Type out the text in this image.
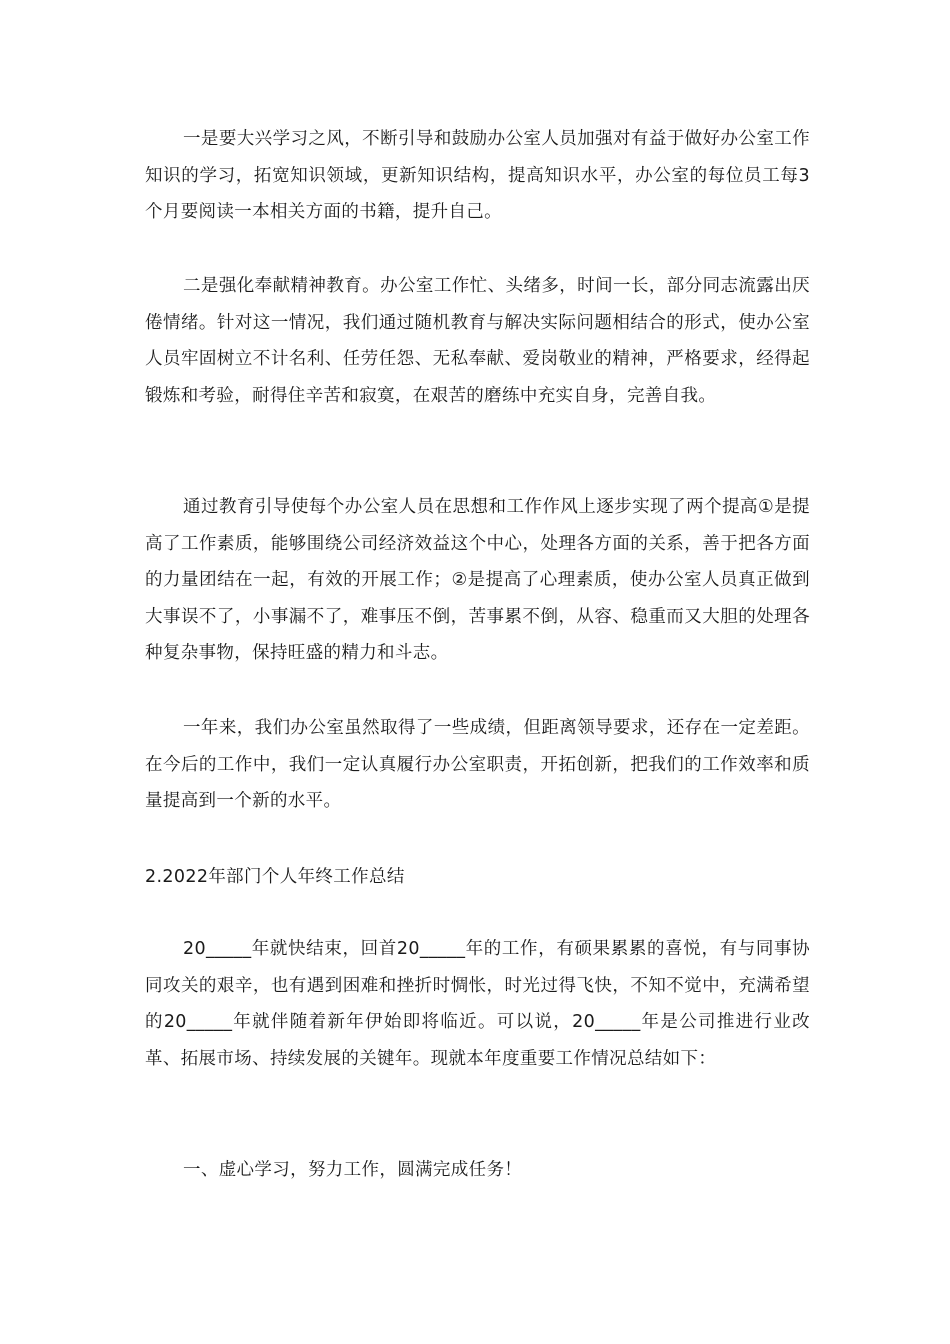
一是要大兴学习之风，不断引导和鼓励办公室人员加强对有益于做好办公室工作知识的学习，拓宽知识领域，更新知识结构，提高知识水平，办公室的每位员工每3个月要阅读一本相关方面的书籍，提升自己。

二是强化奉献精神教育。办公室工作忙、头绪多，时间一长，部分同志流露出厌倦情绪。针对这一情况，我们通过随机教育与解决实际问题相结合的形式，使办公室人员牢固树立不计名利、任劳任怨、无私奉献、爱岗敬业的精神，严格要求，经得起锻炼和考验，耐得住辛苦和寂寞，在艰苦的磨练中充实自身，完善自我。

通过教育引导使每个办公室人员在思想和工作作风上逐步实现了两个提高①是提高了工作素质，能够围绕公司经济效益这个中心，处理各方面的关系，善于把各方面的力量团结在一起，有效的开展工作；②是提高了心理素质，使办公室人员真正做到大事误不了，小事漏不了，难事压不倒，苦事累不倒，从容、稳重而又大胆的处理各种复杂事物，保持旺盛的精力和斗志。

一年来，我们办公室虽然取得了一些成绩，但距离领导要求，还存在一定差距。在今后的工作中，我们一定认真履行办公室职责，开拓创新，把我们的工作效率和质量提高到一个新的水平。

2.2022年部门个人年终工作总结

20_____年就快结束，回首20_____年的工作，有硕果累累的喜悦，有与同事协同攻关的艰辛，也有遇到困难和挫折时惆怅，时光过得飞快，不知不觉中，充满希望的20_____年就伴随着新年伊始即将临近。可以说，20_____年是公司推进行业改革、拓展市场、持续发展的关键年。现就本年度重要工作情况总结如下：

一、虚心学习，努力工作，圆满完成任务！
